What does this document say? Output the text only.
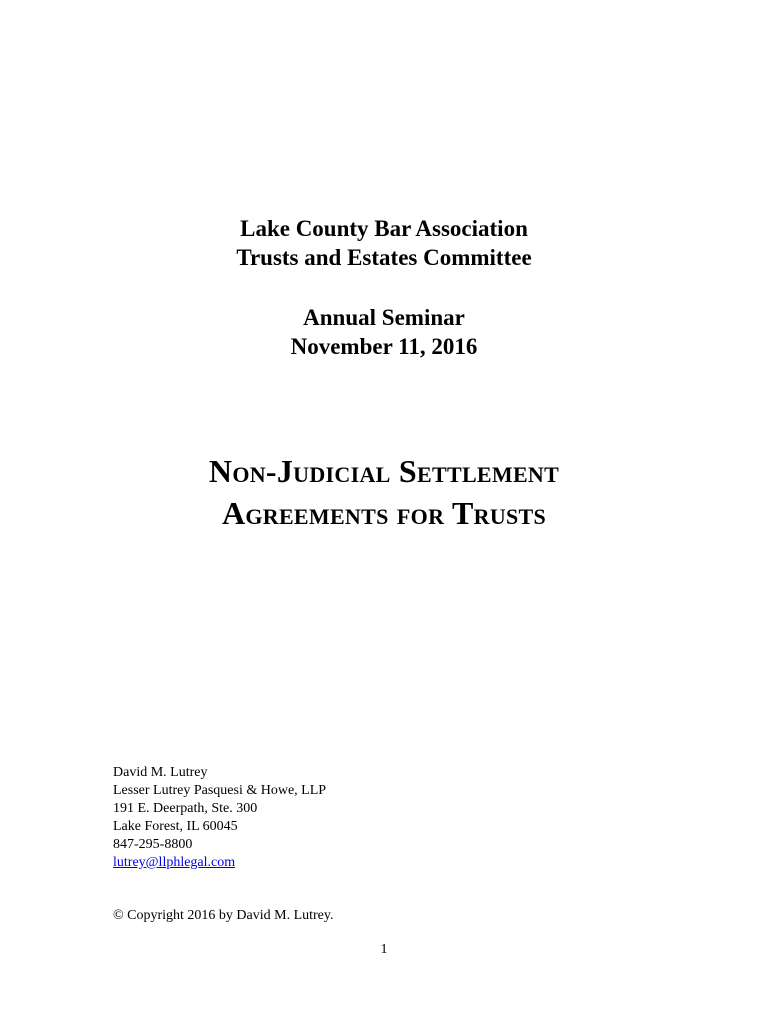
Lake County Bar Association
Trusts and Estates Committee
Annual Seminar
November 11, 2016
Non-Judicial Settlement
Agreements for Trusts
David M. Lutrey
Lesser Lutrey Pasquesi & Howe, LLP
191 E. Deerpath, Ste. 300
Lake Forest, IL 60045
847-295-8800
lutrey@llphlegal.com
© Copyright 2016 by David M. Lutrey.
1
